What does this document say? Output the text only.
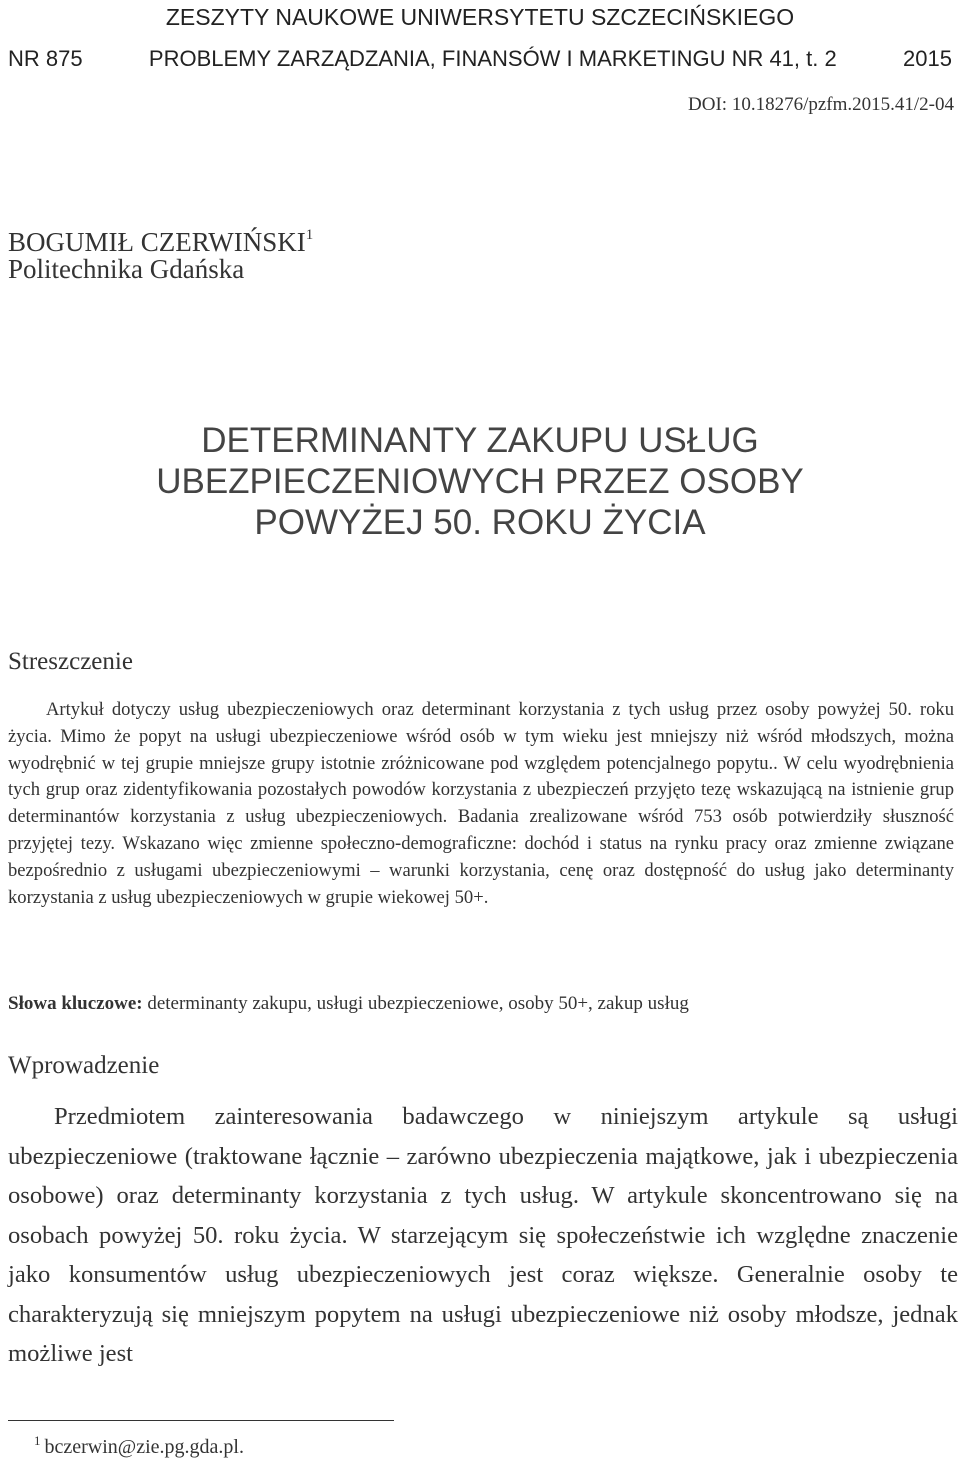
ZESZYTY NAUKOWE UNIWERSYTETU SZCZECIŃSKIEGO
NR 875	PROBLEMY ZARZĄDZANIA, FINANSÓW I MARKETINGU NR 41, t. 2	2015
DOI: 10.18276/pzfm.2015.41/2-04
BOGUMIŁ CZERWIŃSKI$^1$
Politechnika Gdańska
DETERMINANTY ZAKUPU USŁUG
UBEZPIECZENIOWYCH PRZEZ OSOBY
POWYŻEJ 50. ROKU ŻYCIA
Streszczenie

Artykuł dotyczy usług ubezpieczeniowych oraz determinant korzystania z tych usług przez osoby powyżej 50. roku życia. Mimo że popyt na usługi ubezpieczeniowe wśród osób w tym wieku jest mniejszy niż wśród młodszych, można wyodrębnić w tej grupie mniejsze grupy istotnie zróżnicowane pod względem potencjalnego popytu.. W celu wyodrębnienia tych grup oraz zidentyfikowania pozostałych powodów korzystania z ubezpieczeń przyjęto tezę wskazującą na istnienie grup determinantów korzystania z usług ubezpieczeniowych. Badania zrealizowane wśród 753 osób potwierdziły słuszność przyjętej tezy. Wskazano więc zmienne społeczno-demograficzne: dochód i status na rynku pracy oraz zmienne związane bezpośrednio z usługami ubezpieczeniowymi – warunki korzystania, cenę oraz dostępność do usług jako determinanty korzystania z usług ubezpieczeniowych w grupie wiekowej 50+.

Słowa kluczowe: determinanty zakupu, usługi ubezpieczeniowe, osoby 50+, zakup usług
Wprowadzenie

Przedmiotem zainteresowania badawczego w niniejszym artykule są usługi ubezpieczeniowe (traktowane łącznie – zarówno ubezpieczenia majątkowe, jak i ubezpieczenia osobowe) oraz determinanty korzystania z tych usług. W artykule skoncentrowano się na osobach powyżej 50. roku życia. W starzejącym się społeczeństwie ich względne znaczenie jako konsumentów usług ubezpieczeniowych jest coraz większe. Generalnie osoby te charakteryzują się mniejszym popytem na usługi ubezpieczeniowe niż osoby młodsze, jednak możliwe jest

$^1$ bczerwin@zie.pg.gda.pl.
